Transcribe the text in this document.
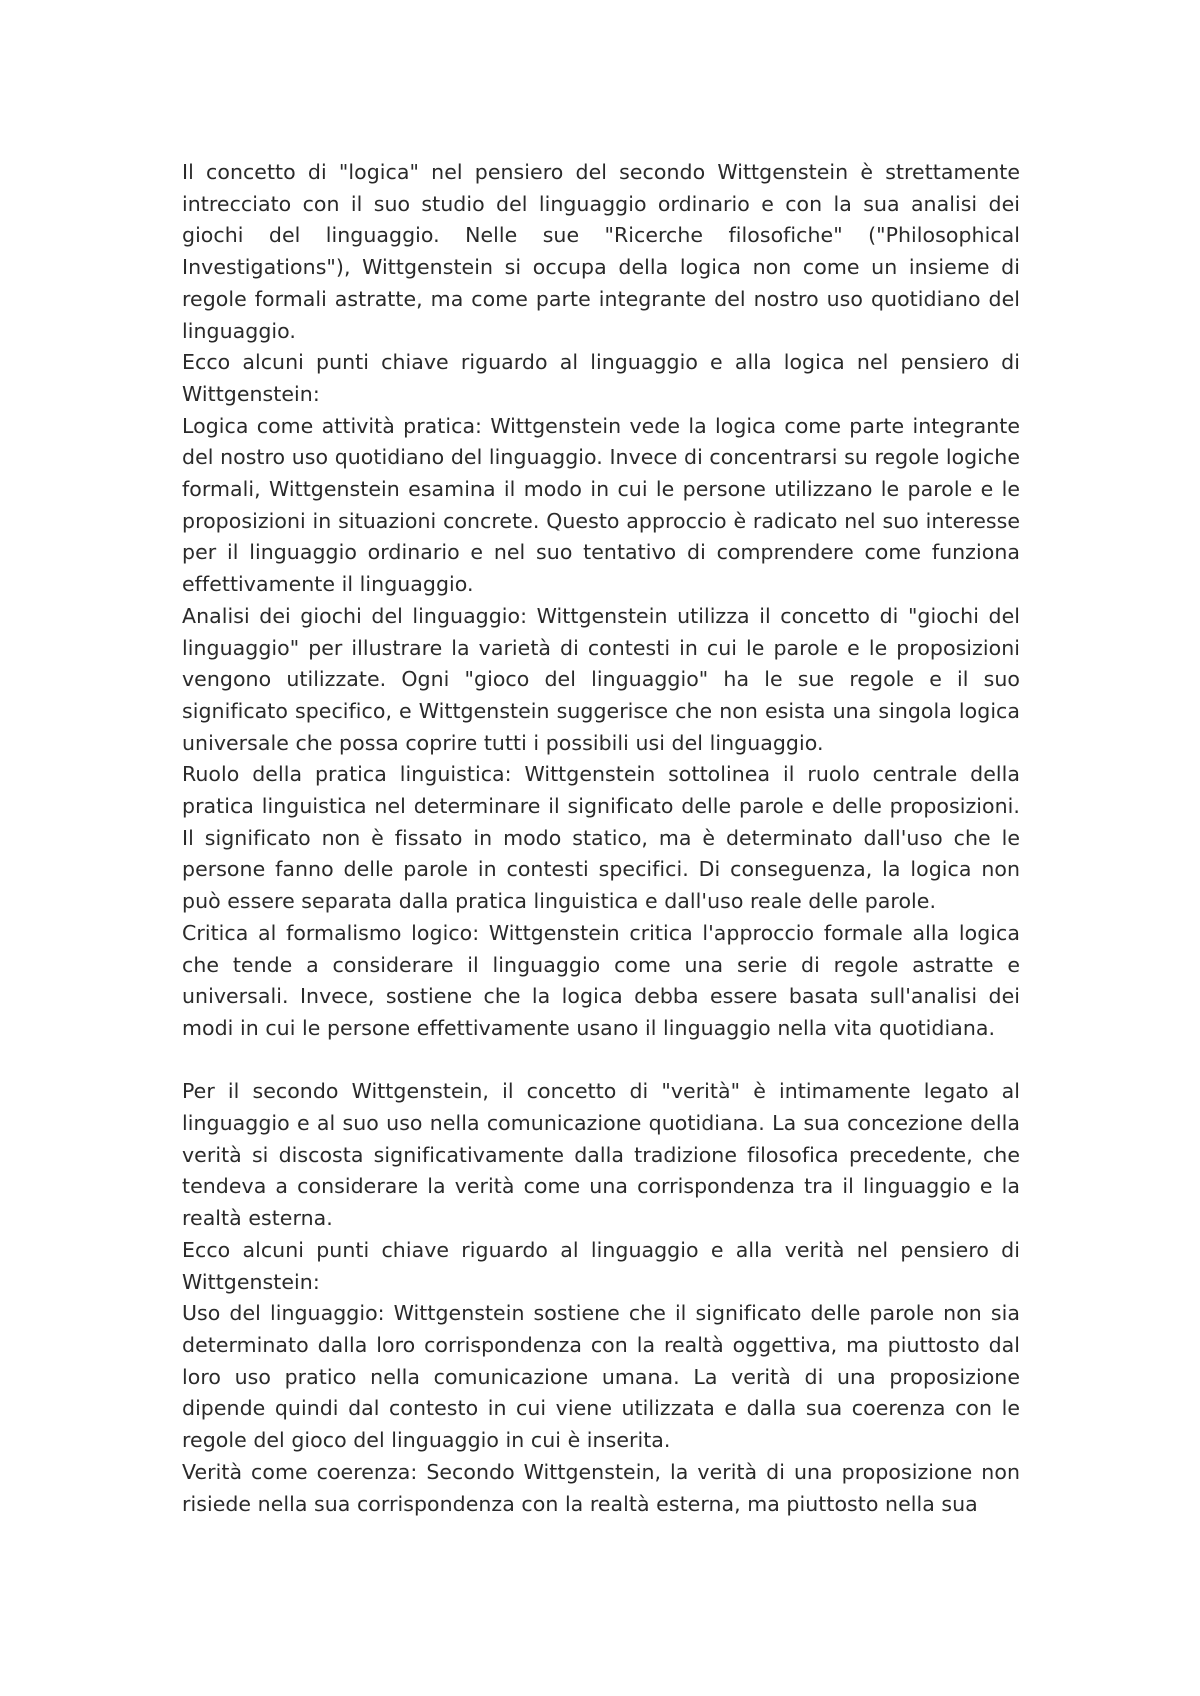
Il concetto di "logica" nel pensiero del secondo Wittgenstein è strettamente intrecciato con il suo studio del linguaggio ordinario e con la sua analisi dei giochi del linguaggio. Nelle sue "Ricerche filosofiche" ("Philosophical Investigations"), Wittgenstein si occupa della logica non come un insieme di regole formali astratte, ma come parte integrante del nostro uso quotidiano del linguaggio.

Ecco alcuni punti chiave riguardo al linguaggio e alla logica nel pensiero di Wittgenstein:

Logica come attività pratica: Wittgenstein vede la logica come parte integrante del nostro uso quotidiano del linguaggio. Invece di concentrarsi su regole logiche formali, Wittgenstein esamina il modo in cui le persone utilizzano le parole e le proposizioni in situazioni concrete. Questo approccio è radicato nel suo interesse per il linguaggio ordinario e nel suo tentativo di comprendere come funziona effettivamente il linguaggio.

Analisi dei giochi del linguaggio: Wittgenstein utilizza il concetto di "giochi del linguaggio" per illustrare la varietà di contesti in cui le parole e le proposizioni vengono utilizzate. Ogni "gioco del linguaggio" ha le sue regole e il suo significato specifico, e Wittgenstein suggerisce che non esista una singola logica universale che possa coprire tutti i possibili usi del linguaggio.

Ruolo della pratica linguistica: Wittgenstein sottolinea il ruolo centrale della pratica linguistica nel determinare il significato delle parole e delle proposizioni. Il significato non è fissato in modo statico, ma è determinato dall'uso che le persone fanno delle parole in contesti specifici. Di conseguenza, la logica non può essere separata dalla pratica linguistica e dall'uso reale delle parole.

Critica al formalismo logico: Wittgenstein critica l'approccio formale alla logica che tende a considerare il linguaggio come una serie di regole astratte e universali. Invece, sostiene che la logica debba essere basata sull'analisi dei modi in cui le persone effettivamente usano il linguaggio nella vita quotidiana.

Per il secondo Wittgenstein, il concetto di "verità" è intimamente legato al linguaggio e al suo uso nella comunicazione quotidiana. La sua concezione della verità si discosta significativamente dalla tradizione filosofica precedente, che tendeva a considerare la verità come una corrispondenza tra il linguaggio e la realtà esterna.

Ecco alcuni punti chiave riguardo al linguaggio e alla verità nel pensiero di Wittgenstein:

Uso del linguaggio: Wittgenstein sostiene che il significato delle parole non sia determinato dalla loro corrispondenza con la realtà oggettiva, ma piuttosto dal loro uso pratico nella comunicazione umana. La verità di una proposizione dipende quindi dal contesto in cui viene utilizzata e dalla sua coerenza con le regole del gioco del linguaggio in cui è inserita.

Verità come coerenza: Secondo Wittgenstein, la verità di una proposizione non risiede nella sua corrispondenza con la realtà esterna, ma piuttosto nella sua
